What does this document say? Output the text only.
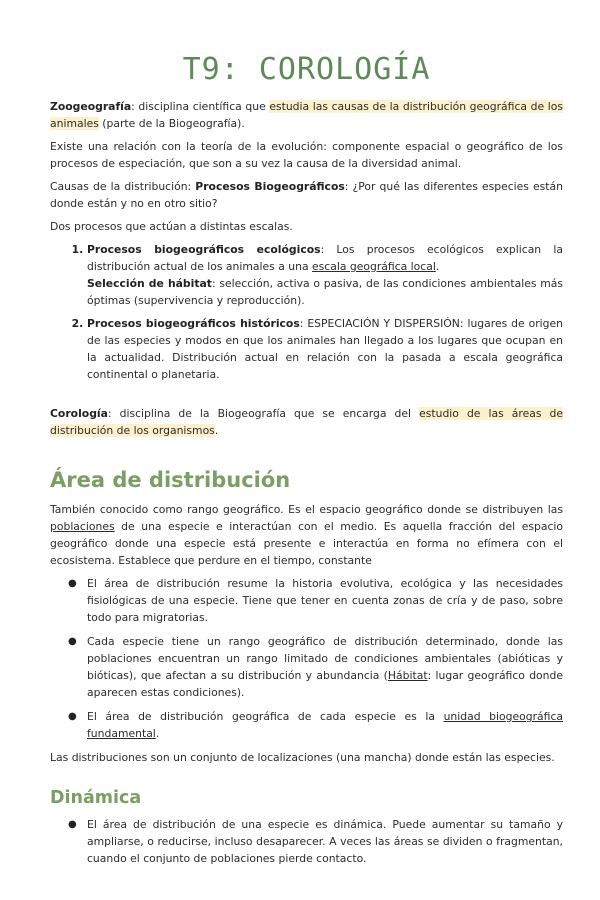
T9: COROLOGÍA

Zoogeografía: disciplina científica que estudia las causas de la distribución geográfica de los animales (parte de la Biogeografía).

Existe una relación con la teoría de la evolución: componente espacial o geográfico de los procesos de especiación, que son a su vez la causa de la diversidad animal.

Causas de la distribución: Procesos Biogeográficos: ¿Por qué las diferentes especies están donde están y no en otro sitio?

Dos procesos que actúan a distintas escalas.

1. Procesos biogeográficos ecológicos: Los procesos ecológicos explican la distribución actual de los animales a una escala geográfica local.
Selección de hábitat: selección, activa o pasiva, de las condiciones ambientales más óptimas (supervivencia y reproducción).
2. Procesos biogeográficos históricos: ESPECIACIÓN Y DISPERSIÓN: lugares de origen de las especies y modos en que los animales han llegado a los lugares que ocupan en la actualidad. Distribución actual en relación con la pasada a escala geográfica continental o planetaria.

Corología: disciplina de la Biogeografía que se encarga del estudio de las áreas de distribución de los organismos.

Área de distribución

También conocido como rango geográfico. Es el espacio geográfico donde se distribuyen las poblaciones de una especie e interactúan con el medio. Es aquella fracción del espacio geográfico donde una especie está presente e interactúa en forma no efímera con el ecosistema. Establece que perdure en el tiempo, constante

● El área de distribución resume la historia evolutiva, ecológica y las necesidades fisiológicas de una especie. Tiene que tener en cuenta zonas de cría y de paso, sobre todo para migratorias.
● Cada especie tiene un rango geográfico de distribución determinado, donde las poblaciones encuentran un rango limitado de condiciones ambientales (abióticas y bióticas), que afectan a su distribución y abundancia (Hábitat: lugar geográfico donde aparecen estas condiciones).
● El área de distribución geográfica de cada especie es la unidad biogeográfica fundamental.

Las distribuciones son un conjunto de localizaciones (una mancha) donde están las especies.

Dinámica
● El área de distribución de una especie es dinámica. Puede aumentar su tamaño y ampliarse, o reducirse, incluso desaparecer. A veces las áreas se dividen o fragmentan, cuando el conjunto de poblaciones pierde contacto.
